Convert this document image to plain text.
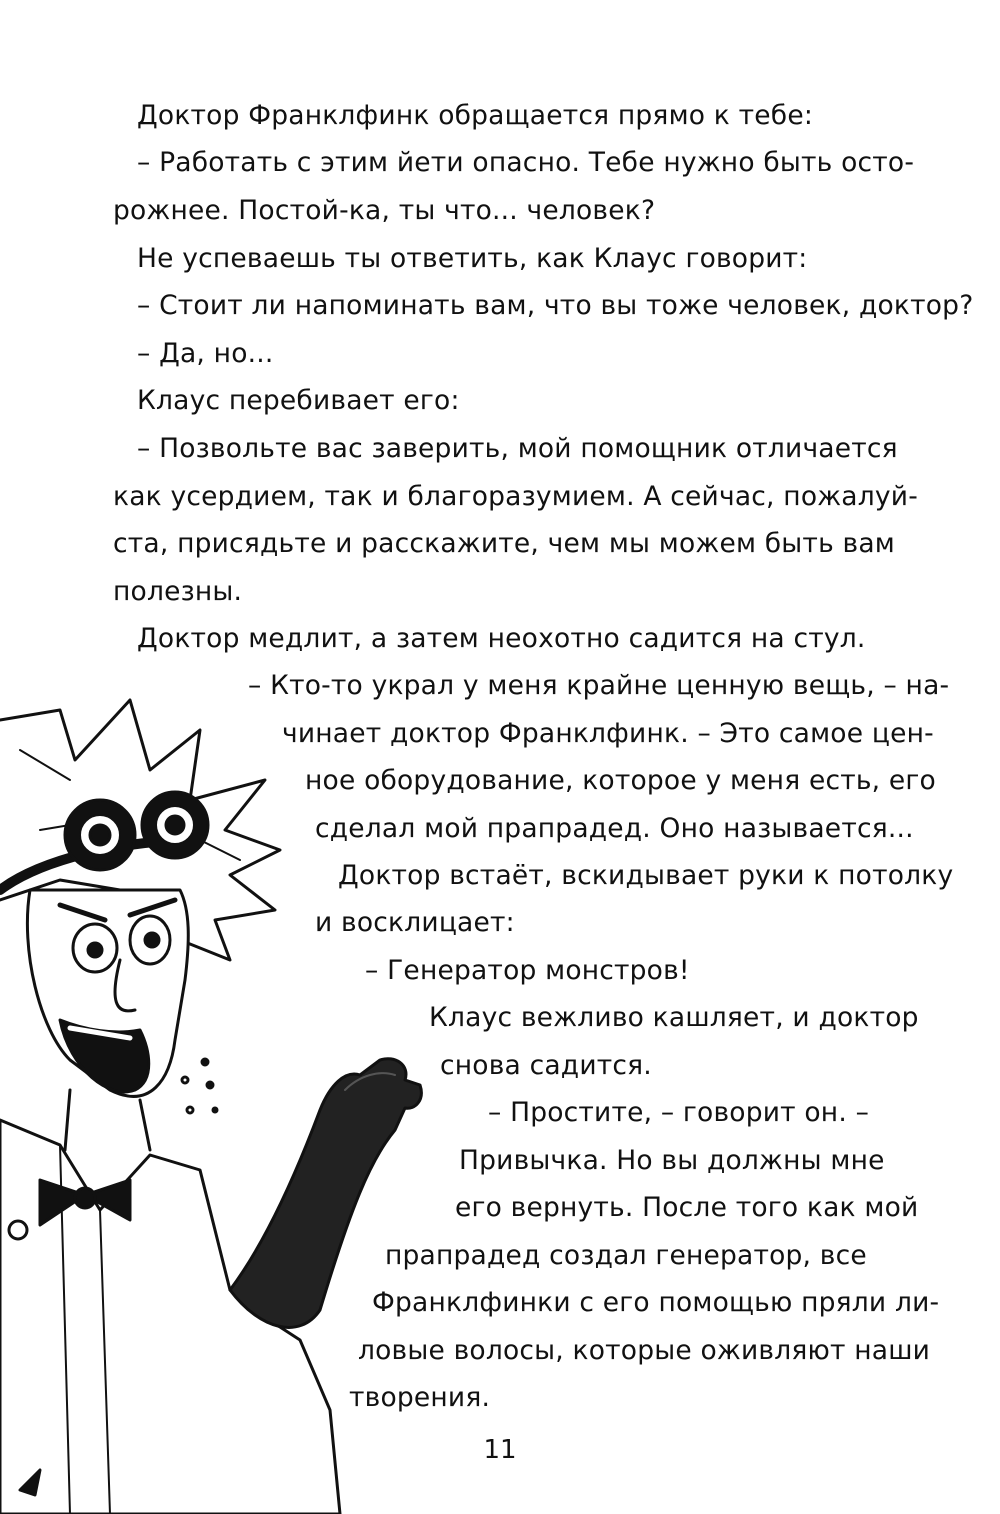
Доктор Франклфинк обращается прямо к тебе:
– Работать с этим йети опасно. Тебе нужно быть осто-
рожнее. Постой-ка, ты что... человек?
Не успеваешь ты ответить, как Клаус говорит:
– Стоит ли напоминать вам, что вы тоже человек, доктор?
– Да, но...
Клаус перебивает его:
– Позвольте вас заверить, мой помощник отличается
как усердием, так и благоразумием. А сейчас, пожалуй-
ста, присядьте и расскажите, чем мы можем быть вам
полезны.
Доктор медлит, а затем неохотно садится на стул.
– Кто-то украл у меня крайне ценную вещь, – на-
чинает доктор Франклфинк. – Это самое цен-
ное оборудование, которое у меня есть, его
сделал мой прапрадед. Оно называется...
Доктор встаёт, вскидывает руки к потолку
и восклицает:
– Генератор монстров!
Клаус вежливо кашляет, и доктор
снова садится.
– Простите, – говорит он. –
Привычка. Но вы должны мне
его вернуть. После того как мой
прапрадед создал генератор, все
Франклфинки с его помощью пряли ли-
ловые волосы, которые оживляют наши
творения.
11
